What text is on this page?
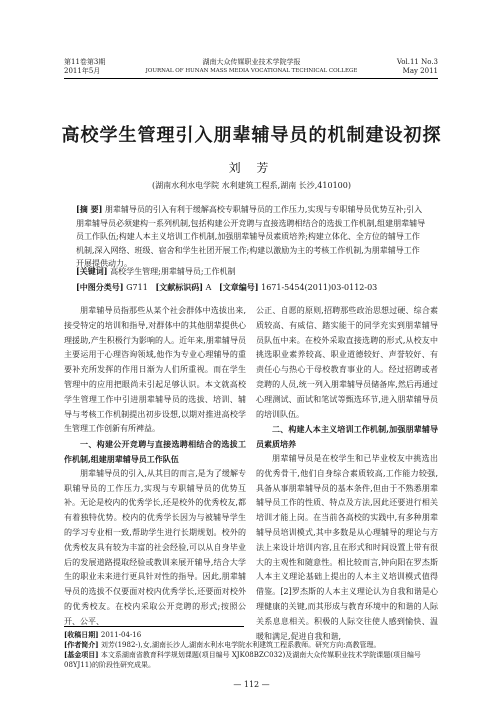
第11卷第3期
2011年5月
湖南大众传媒职业技术学院学报
JOURNAL OF HUNAN MASS MEDIA VOCATIONAL TECHNICAL COLLEGE
Vol.11 No.3
May 2011
高校学生管理引入朋辈辅导员的机制建设初探
刘 芳
(湖南水利水电学院 水利建筑工程系,湖南 长沙,410100)
[摘 要] 朋辈辅导员的引入有利于缓解高校专职辅导员的工作压力,实现与专职辅导员优势互补;引入朋辈辅导员必须建构一系列机制,包括构建公开竞聘与直接选聘相结合的选拔工作机制,组建朋辈辅导员工作队伍;构建人本主义培训工作机制,加强朋辈辅导员素质培养;构建立体化、全方位的辅导工作机制,深入网络、班级、宿舍和学生社团开展工作;构建以激励为主的考核工作机制,为朋辈辅导工作开展提供动力。
[关键词] 高校学生管理;朋辈辅导员;工作机制
[中图分类号] G711 [文献标识码] A [文章编号] 1671-5454(2011)03-0112-03

朋辈辅导员指那些从某个社会群体中选拔出来,接受特定的培训和指导,对群体中的其他朋辈提供心理援助,产生积极行为影响的人。近年来,朋辈辅导员主要运用于心理咨询领域,他作为专业心理辅导的重要补充所发挥的作用日渐为人们所重视。而在学生管理中的应用把眼尚未引起足够认识。本文就高校学生管理工作中引进朋辈辅导员的选拔、培训、辅导与考核工作机制提出初步设想,以期对推进高校学生管理工作创新有所裨益。

一、构建公开竞聘与直接选聘相结合的选拔工作机制,组建朋辈辅导员工作队伍

朋辈辅导员的引入,从其目的而言,是为了缓解专职辅导员的工作压力,实现与专职辅导员的优势互补。无论是校内的优秀学长,还是校外的优秀校友,都有着独特优势。校内的优秀学长因为与被辅导学生的学习专业相一致,帮助学生进行长期规划。校外的优秀校友具有较为丰富的社会经验,可以从自身毕业后的发展道路提取经验或教训来展开辅导,结合大学生的职业未来进行更具针对性的指导。因此,朋辈辅导员的选拔不仅要面对校内优秀学长,还要面对校外的优秀校友。在校内采取公开竞聘的形式;按照公开、公平、

公正、自愿的原则,招聘那些政治思想过硬、综合素质较高、有威信、踏实能干的同学充实到朋辈辅导员队伍中来。在校外采取直接选聘的形式,从校友中挑选职业素养较高、职业道德较好、声誉较好、有责任心与热心于母校教育事业的人。经过招聘或者竞聘的人员,统一列入朋辈辅导员储备库,然后再通过心理测试、面试和笔试等甄选环节,进入朋辈辅导员的培训队伍。

二、构建人本主义培训工作机制,加强朋辈辅导员素质培养

朋辈辅导员是在校学生和已毕业校友中挑选出的优秀骨干,他们自身综合素质较高,工作能力较强,具备从事朋辈辅导员的基本条件,但由于不熟悉朋辈辅导员工作的性质、特点及方法,因此还要进行相关培训才能上岗。在当前各高校的实践中,有多种朋辈辅导员培训模式,其中多数是从心理辅导的理论与方法上来设计培训内容,且在形式和时间设置上带有很大的主观性和随意性。相比较而言,钟向阳在罗杰斯人本主义理论基础上提出的人本主义培训模式值得借鉴。[2]罗杰斯的人本主义理论认为自我和谐是心理健康的关键,而其形成与教育环境中的和谐的人际关系息息相关。积极的人际交往使人感到愉快、温暖和满足,促进自我和谐,

[收稿日期] 2011-04-16
[作者简介] 刘芳(1982-),女,湖南长沙人,湖南水利水电学院水利建筑工程系教师。研究方向:高教管理。
[基金项目] 本文系湖南省教育科学规划课题(项目编号 XJK08BZC032)及湖南大众传媒职业技术学院课题(项目编号 08YJ11)的阶段性研究成果。
— 112 —
